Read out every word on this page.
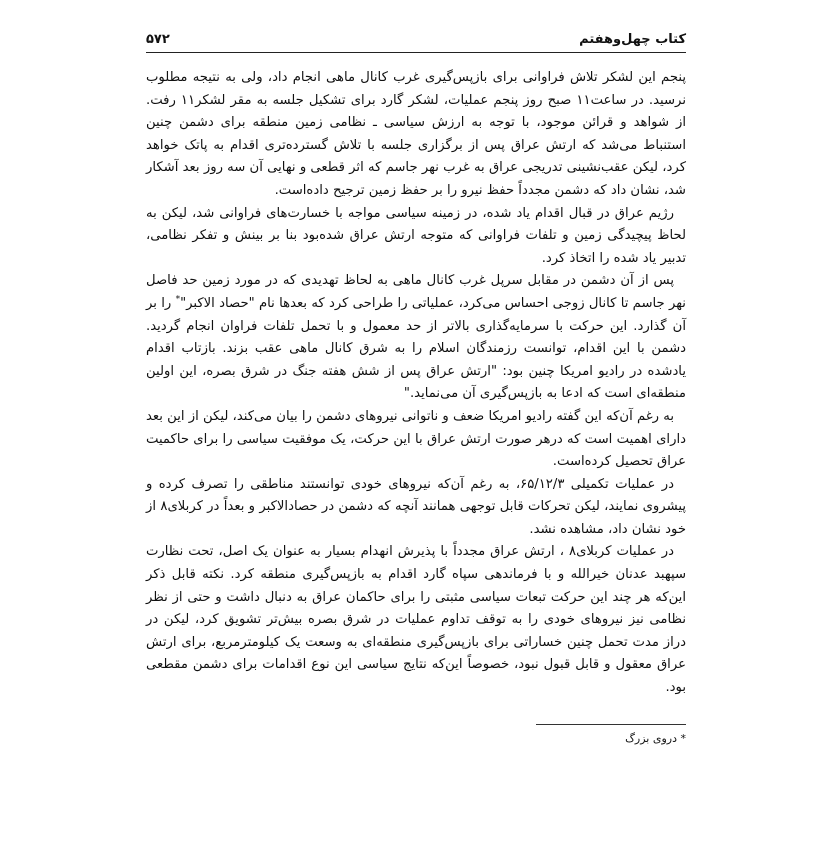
کتاب چهل‌وهفتم
۵۷۲

پنجم این لشکر تلاش فراوانی برای بازپس‌گیری غرب کانال ماهی انجام داد، ولی به نتیجه مطلوب نرسید. در ساعت۱۱ صبح روز پنجم عملیات، لشکر گارد برای تشکیل جلسه به مقر لشکر۱۱ رفت. از شواهد و قرائن موجود، با توجه به ارزش سیاسی ـ نظامی زمین منطقه برای دشمن چنین استنباط می‌شد که ارتش عراق پس از برگزاری جلسه با تلاش گسترده‌تری اقدام به پاتک خواهد کرد، لیکن عقب‌نشینی تدریجی عراق به غرب نهر جاسم که اثر قطعی و نهایی آن سه روز بعد آشکار شد، نشان داد که دشمن مجدداً حفظ نیرو را بر حفظ زمین ترجیح داده‌است.

رژیم عراق در قبال اقدام یاد شده، در زمینه سیاسی مواجه با خسارت‌های فراوانی شد، لیکن به لحاظ پیچیدگی زمین و تلفات فراوانی که متوجه ارتش عراق شده‌بود بنا بر بینش و تفکر نظامی، تدبیر یاد شده را اتخاذ کرد.

پس از آن دشمن در مقابل سرپل غرب کانال ماهی به لحاظ تهدیدی که در مورد زمین حد فاصل نهر جاسم تا کانال زوجی احساس می‌کرد، عملیاتی را طراحی کرد که بعدها نام "حصاد الاکبر"* را بر آن گذارد. این حرکت با سرمایه‌گذاری بالاتر از حد معمول و با تحمل تلفات فراوان انجام گردید. دشمن با این اقدام، توانست رزمندگان اسلام را به شرق کانال ماهی عقب بزند. بازتاب اقدام یادشده در رادیو امریکا چنین بود: "ارتش عراق پس از شش هفته جنگ در شرق بصره، این اولین منطقه‌ای است که ادعا به بازپس‌گیری آن می‌نماید."

به رغم آن‌که این گفته رادیو امریکا ضعف و ناتوانی نیروهای دشمن را بیان می‌کند، لیکن از این بعد دارای اهمیت است که درهر صورت ارتش عراق با این حرکت، یک موفقیت سیاسی را برای حاکمیت عراق تحصیل کرده‌است.

در عملیات تکمیلی ۶۵/۱۲/۳، به رغم آن‌که نیروهای خودی توانستند مناطقی را تصرف کرده و پیشروی نمایند، لیکن تحرکات قابل توجهی همانند آنچه که دشمن در حصادالاکبر و بعداً در کربلای۸ از خود نشان داد، مشاهده نشد.

در عملیات کربلای۸ ، ارتش عراق مجدداً با پذیرش انهدام بسیار به عنوان یک اصل، تحت نظارت سپهبد عدنان خیرالله و با فرماندهی سپاه گارد اقدام به بازپس‌گیری منطقه کرد. نکته قابل ذکر این‌که هر چند این حرکت تبعات سیاسی مثبتی را برای حاکمان عراق به دنبال داشت و حتی از نظر نظامی نیز نیروهای خودی را به توقف تداوم عملیات در شرق بصره بیش‌تر تشویق کرد، لیکن در دراز مدت تحمل چنین خساراتی برای بازپس‌گیری منطقه‌ای به وسعت یک کیلومترمربع، برای ارتش عراق معقول و قابل قبول نبود، خصوصاً این‌که نتایج سیاسی این نوع اقدامات برای دشمن مقطعی بود.

* دروی بزرگ
